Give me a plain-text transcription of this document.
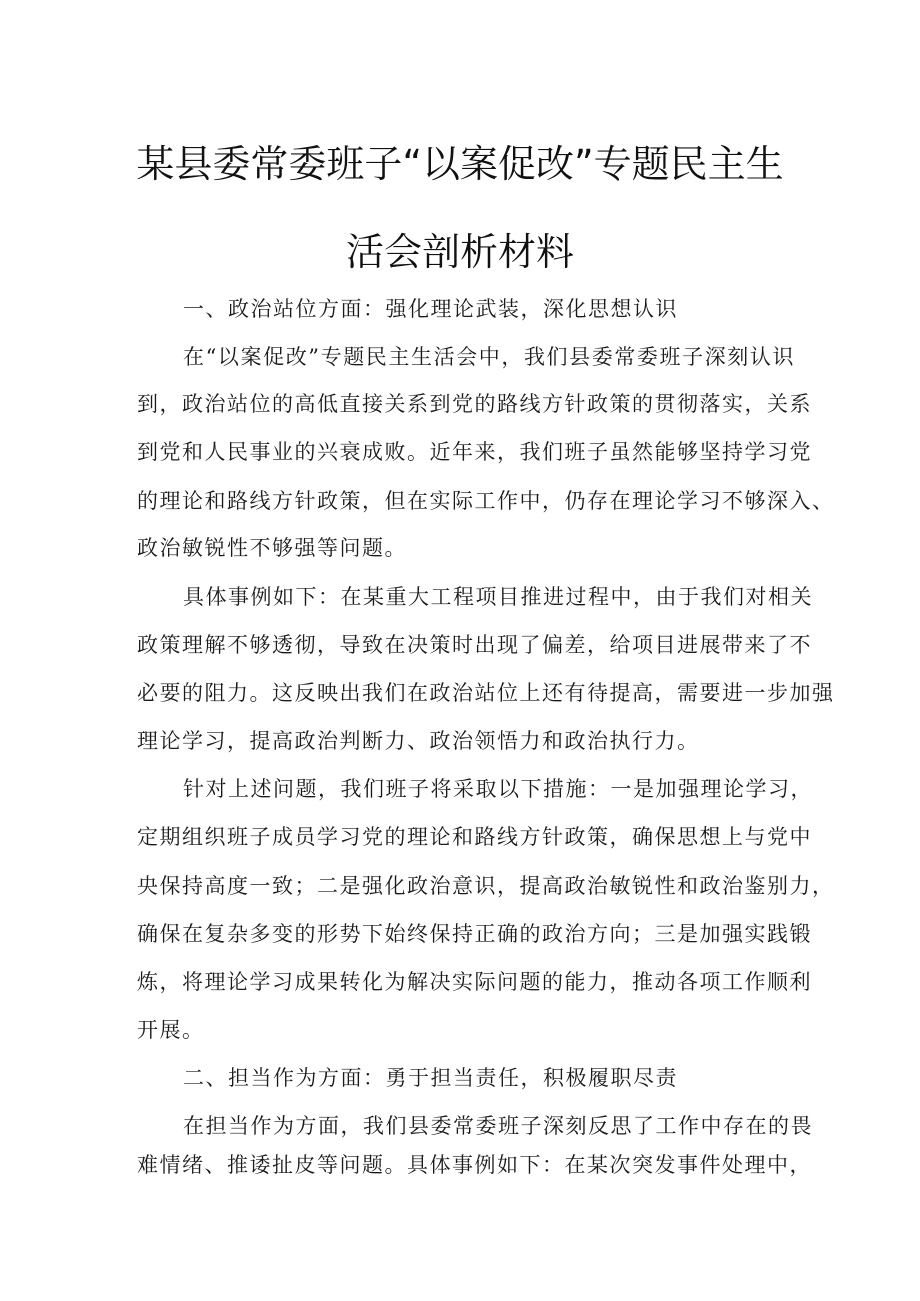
某县委常委班子“以案促改”专题民主生
活会剖析材料
一、政治站位方面：强化理论武装，深化思想认识
在“以案促改”专题民主生活会中，我们县委常委班子深刻认识
到，政治站位的高低直接关系到党的路线方针政策的贯彻落实，关系
到党和人民事业的兴衰成败。近年来，我们班子虽然能够坚持学习党
的理论和路线方针政策，但在实际工作中，仍存在理论学习不够深入、
政治敏锐性不够强等问题。
具体事例如下：在某重大工程项目推进过程中，由于我们对相关
政策理解不够透彻，导致在决策时出现了偏差，给项目进展带来了不
必要的阻力。这反映出我们在政治站位上还有待提高，需要进一步加强
理论学习，提高政治判断力、政治领悟力和政治执行力。
针对上述问题，我们班子将采取以下措施：一是加强理论学习，
定期组织班子成员学习党的理论和路线方针政策，确保思想上与党中
央保持高度一致；二是强化政治意识，提高政治敏锐性和政治鉴别力，
确保在复杂多变的形势下始终保持正确的政治方向；三是加强实践锻
炼，将理论学习成果转化为解决实际问题的能力，推动各项工作顺利
开展。
二、担当作为方面：勇于担当责任，积极履职尽责
在担当作为方面，我们县委常委班子深刻反思了工作中存在的畏
难情绪、推诿扯皮等问题。具体事例如下：在某次突发事件处理中，
